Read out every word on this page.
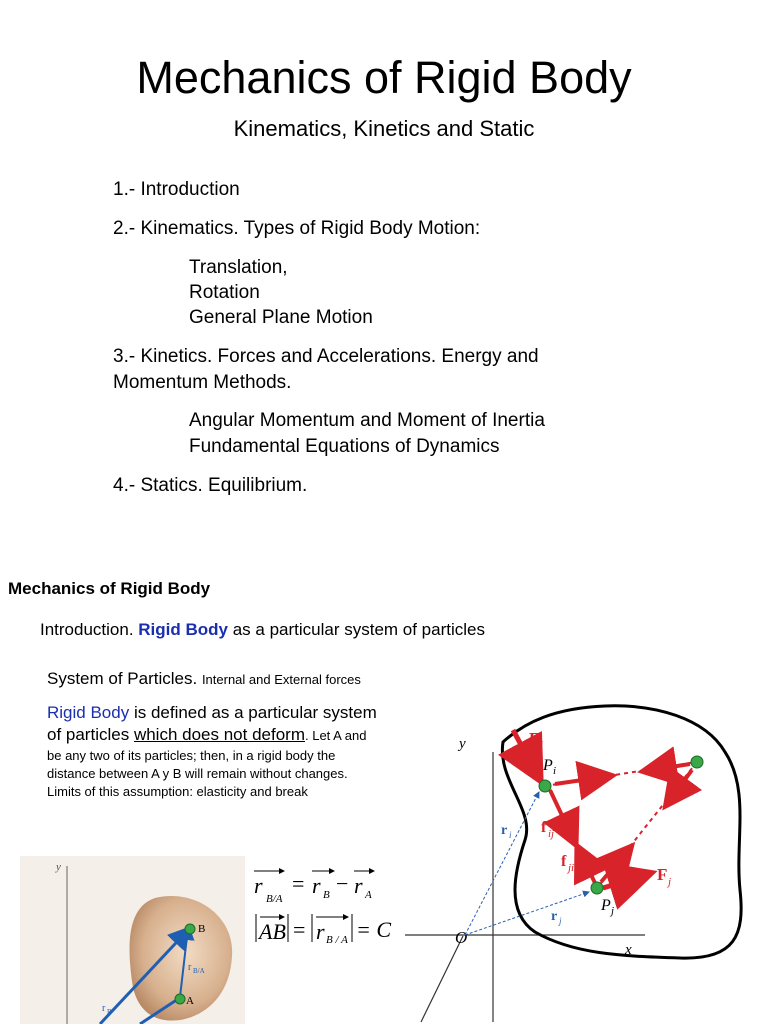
Mechanics of Rigid Body
Kinematics, Kinetics and Static
1.- Introduction
2.- Kinematics. Types of Rigid Body Motion:
Translation,
Rotation
General Plane Motion
3.- Kinetics. Forces and Accelerations. Energy and
Momentum Methods.
Angular Momentum and Moment of Inertia
Fundamental Equations of Dynamics
4.- Statics. Equilibrium.
Mechanics of Rigid Body
Introduction. Rigid Body as a particular system of particles
System of Particles. Internal and External forces
Rigid Body is defined as a particular system
of particles which does not deform. Let A and
be any two of its particles; then, in a rigid body the
distance between A y B will remain without changes.
Limits of this assumption: elasticity and break
r
B/A
= r B − r A
AB = r B / A = C
y
B
A
r B/A
r B
y
x
O
F i
P i
r i f ij
f ji	F j
P j
r j
